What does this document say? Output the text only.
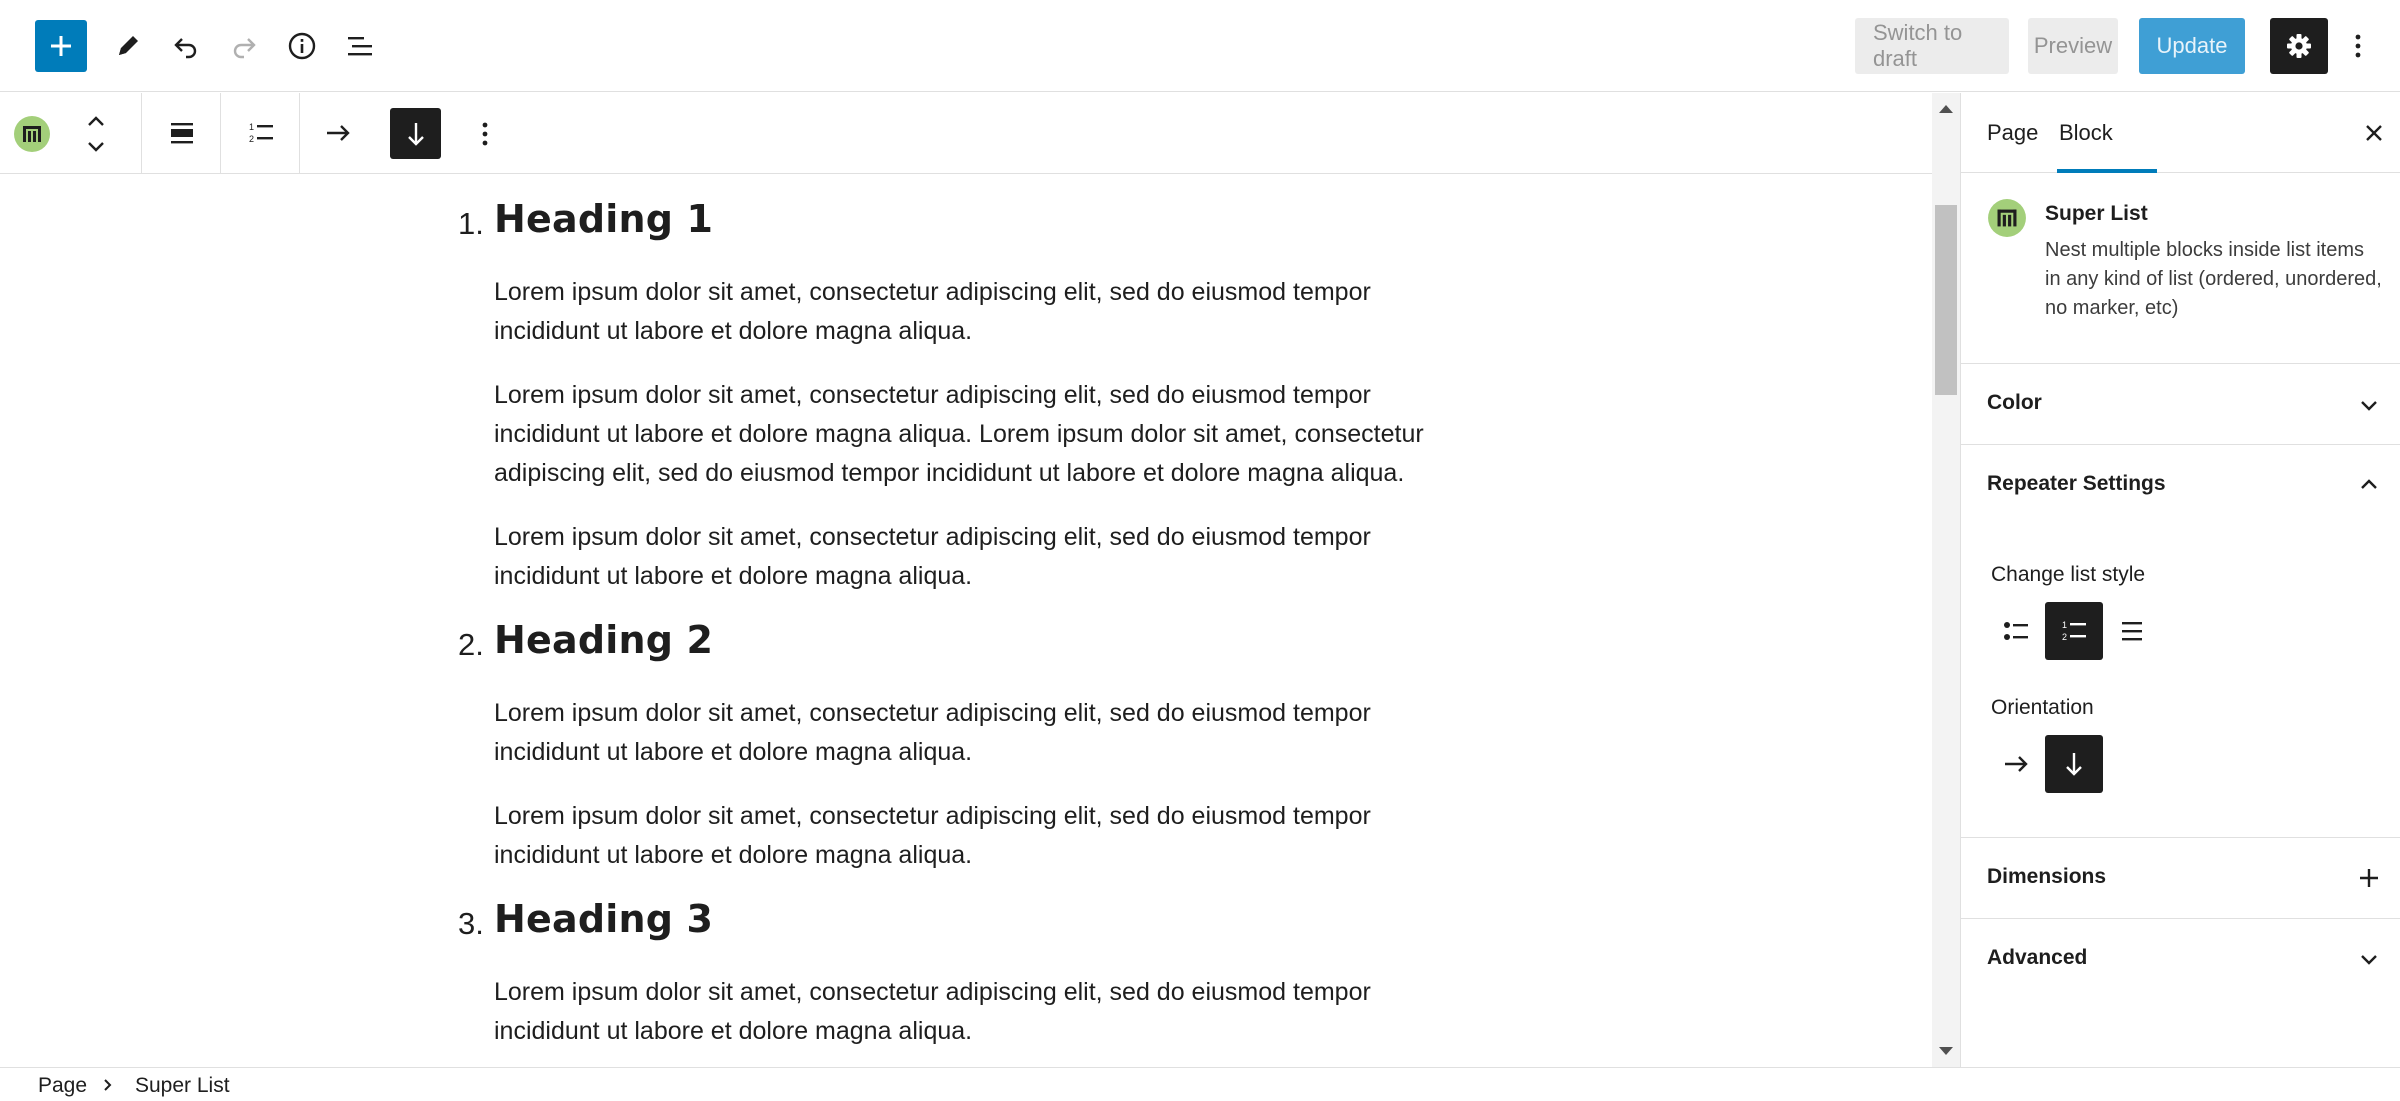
Switch to draft
Preview	Update
1
2
1. Heading 1
Lorem ipsum dolor sit amet, consectetur adipiscing elit, sed do eiusmod tempor incididunt ut labore et dolore magna aliqua.
Lorem ipsum dolor sit amet, consectetur adipiscing elit, sed do eiusmod tempor incididunt ut labore et dolore magna aliqua. Lorem ipsum dolor sit amet, consectetur adipiscing elit, sed do eiusmod tempor incididunt ut labore et dolore magna aliqua.
Lorem ipsum dolor sit amet, consectetur adipiscing elit, sed do eiusmod tempor incididunt ut labore et dolore magna aliqua.
2. Heading 2
Lorem ipsum dolor sit amet, consectetur adipiscing elit, sed do eiusmod tempor incididunt ut labore et dolore magna aliqua.
Lorem ipsum dolor sit amet, consectetur adipiscing elit, sed do eiusmod tempor incididunt ut labore et dolore magna aliqua.
3. Heading 3
Lorem ipsum dolor sit amet, consectetur adipiscing elit, sed do eiusmod tempor incididunt ut labore et dolore magna aliqua.
Page Block
Super List
Nest multiple blocks inside list items in any kind of list (ordered, unordered, no marker, etc)
Color
Repeater Settings
Change list style
1
2
Orientation
Dimensions
Advanced
Page Super List
